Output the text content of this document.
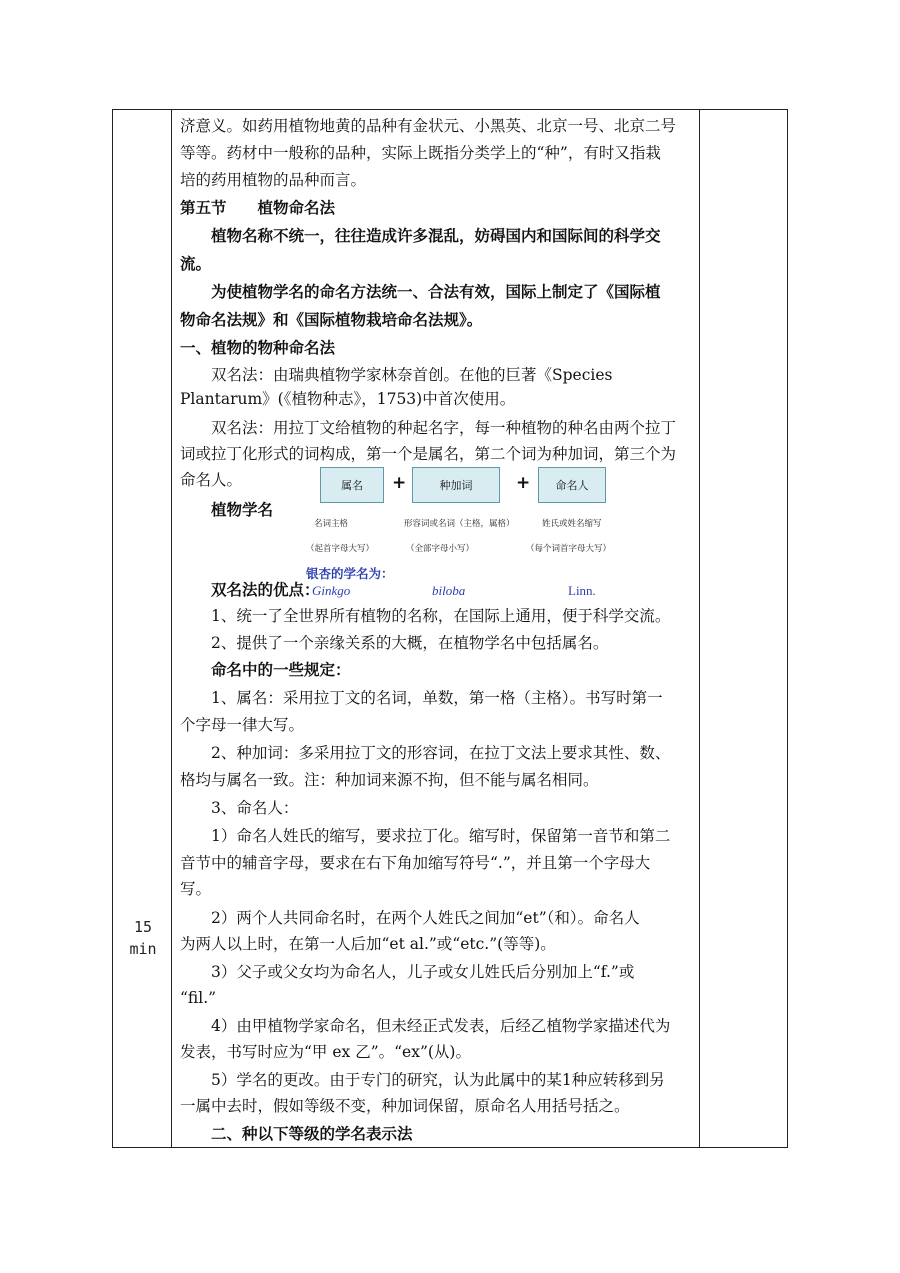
15
min
济意义。如药用植物地黄的品种有金状元、小黑英、北京一号、北京二号
等等。药材中一般称的品种，实际上既指分类学上的“种”，有时又指栽
培的药用植物的品种而言。
第五节　　植物命名法
　　植物名称不统一，往往造成许多混乱，妨碍国内和国际间的科学交
流。
　　为使植物学名的命名方法统一、合法有效，国际上制定了《国际植
物命名法规》和《国际植物栽培命名法规》。
一、植物的物种命名法
　　双名法：由瑞典植物学家林奈首创。在他的巨著《Species
Plantarum》(《植物种志》，1753)中首次使用。
　　双名法：用拉丁文给植物的种起名字，每一种植物的种名由两个拉丁
词或拉丁化形式的词构成，第一个是属名，第二个词为种加词，第三个为
命名人。
　　植物学名
　　双名法的优点：
　　1、统一了全世界所有植物的名称，在国际上通用，便于科学交流。
　　2、提供了一个亲缘关系的大概，在植物学名中包括属名。
　　命名中的一些规定：
　　1、属名：采用拉丁文的名词，单数，第一格（主格）。书写时第一
个字母一律大写。
　　2、种加词：多采用拉丁文的形容词，在拉丁文法上要求其性、数、
格均与属名一致。注：种加词来源不拘，但不能与属名相同。
　　3、命名人：
　　1）命名人姓氏的缩写，要求拉丁化。缩写时，保留第一音节和第二
音节中的辅音字母，要求在右下角加缩写符号“.”，并且第一个字母大
写。
　　2）两个人共同命名时，在两个人姓氏之间加“et”（和）。命名人
为两人以上时，在第一人后加“et al.”或“etc.”(等等)。
　　3）父子或父女均为命名人，儿子或女儿姓氏后分别加上“f.”或
“fil.”
　　4）由甲植物学家命名，但未经正式发表，后经乙植物学家描述代为
发表，书写时应为“甲 ex 乙”。“ex”(从)。
　　5）学名的更改。由于专门的研究，认为此属中的某1种应转移到另
一属中去时，假如等级不变，种加词保留，原命名人用括号括之。
　　二、种以下等级的学名表示法
属名	+	种加词	+	命名人
名词主格	形容词或名词（主格，属格）	姓氏或姓名缩写
（起首字母大写）	（全部字母小写）	（每个词首字母大写）
银杏的学名为：
Ginkgo	biloba	Linn.
